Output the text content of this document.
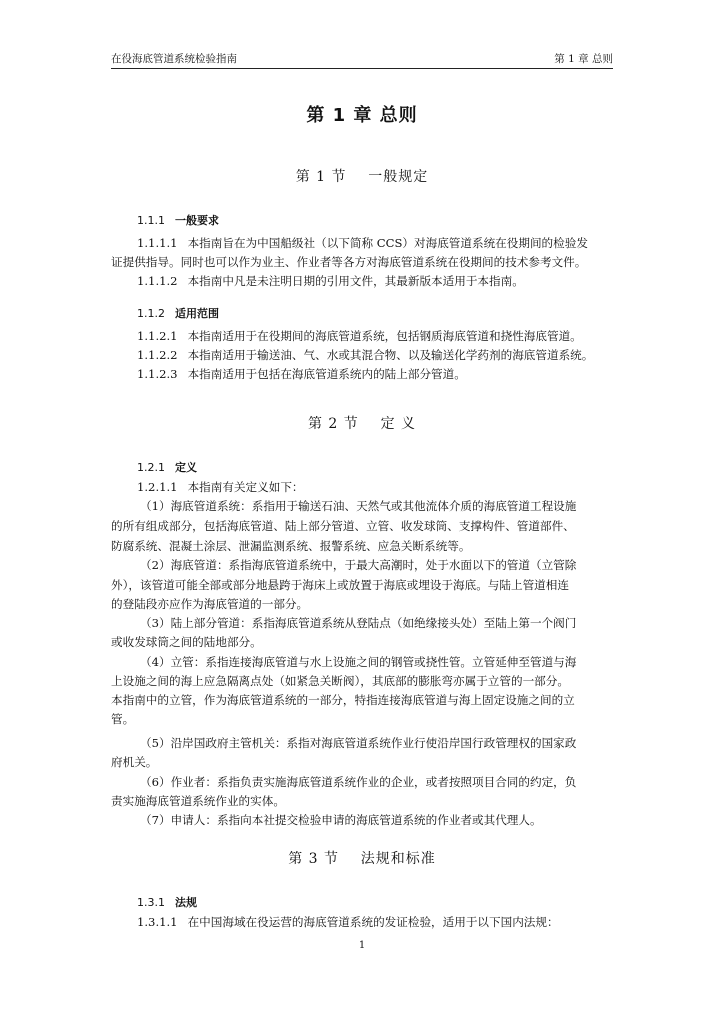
在役海底管道系统检验指南	第 1 章 总则
第 1 章 总则
第 1 节    一般规定
1.1.1 一般要求
1.1.1.1 本指南旨在为中国船级社（以下简称 CCS）对海底管道系统在役期间的检验发
证提供指导。同时也可以作为业主、作业者等各方对海底管道系统在役期间的技术参考文件。
1.1.1.2 本指南中凡是未注明日期的引用文件，其最新版本适用于本指南。
1.1.2 适用范围
1.1.2.1 本指南适用于在役期间的海底管道系统，包括钢质海底管道和挠性海底管道。
1.1.2.2 本指南适用于输送油、气、水或其混合物、以及输送化学药剂的海底管道系统。
1.1.2.3 本指南适用于包括在海底管道系统内的陆上部分管道。
第 2 节    定 义
1.2.1 定义
1.2.1.1 本指南有关定义如下：
（1）海底管道系统：系指用于输送石油、天然气或其他流体介质的海底管道工程设施
的所有组成部分，包括海底管道、陆上部分管道、立管、收发球筒、支撑构件、管道部件、
防腐系统、混凝土涂层、泄漏监测系统、报警系统、应急关断系统等。
（2）海底管道：系指海底管道系统中，于最大高潮时，处于水面以下的管道（立管除
外），该管道可能全部或部分地悬跨于海床上或放置于海底或埋设于海底。与陆上管道相连
的登陆段亦应作为海底管道的一部分。
（3）陆上部分管道：系指海底管道系统从登陆点（如绝缘接头处）至陆上第一个阀门
或收发球筒之间的陆地部分。
（4）立管：系指连接海底管道与水上设施之间的钢管或挠性管。立管延伸至管道与海
上设施之间的海上应急隔离点处（如紧急关断阀），其底部的膨胀弯亦属于立管的一部分。
本指南中的立管，作为海底管道系统的一部分，特指连接海底管道与海上固定设施之间的立
管。
（5）沿岸国政府主管机关：系指对海底管道系统作业行使沿岸国行政管理权的国家政
府机关。
（6）作业者：系指负责实施海底管道系统作业的企业，或者按照项目合同的约定，负
责实施海底管道系统作业的实体。
（7）申请人：系指向本社提交检验申请的海底管道系统的作业者或其代理人。
第 3 节    法规和标准
1.3.1 法规
1.3.1.1 在中国海域在役运营的海底管道系统的发证检验，适用于以下国内法规：
1
